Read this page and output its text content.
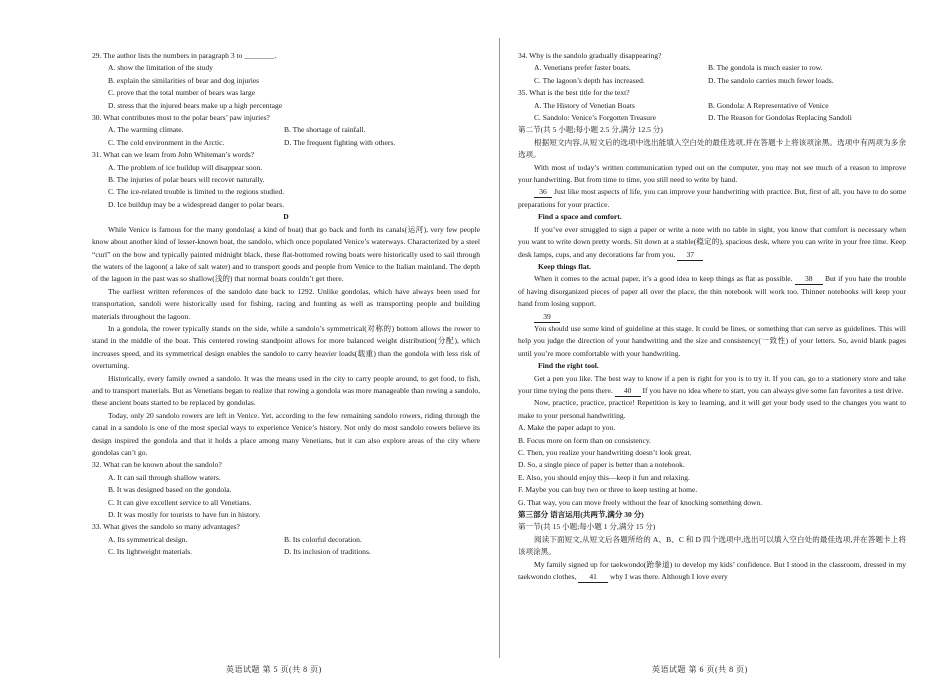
29. The author lists the numbers in paragraph 3 to ________.

A. show the limitation of the study

B. explain the similarities of bear and dog injuries

C. prove that the total number of bears was large

D. stress that the injured bears make up a high percentage

30. What contributes most to the polar bears’ paw injuries?

A. The warming climate.	B. The shortage of rainfall.
C. The cold environment in the Arctic.	D. The frequent fighting with others.

31. What can we learn from John Whiteman’s words?

A. The problem of ice buildup will disappear soon.

B. The injuries of polar bears will recover naturally.

C. The ice-related trouble is limited to the regions studied.

D. Ice buildup may be a widespread danger to polar bears.

D

While Venice is famous for the many gondolas( a kind of boat) that go back and forth its canals(运河), very few people know about another kind of lesser-known boat, the sandolo, which once populated Venice’s waterways. Characterized by a steel “curl” on the bow and typically painted midnight black, these flat-bottomed rowing boats were historically used to sail through the waters of the lagoon( a lake of salt water) and to transport goods and people from Venice to the Italian mainland. The depth of the lagoon in the past was so shallow(浅的) that normal boats couldn’t get there.

The earliest written references of the sandolo date back to 1292. Unlike gondolas, which have always been used for transportation, sandoli were historically used for fishing, racing and hunting as well as transporting people and building materials throughout the lagoon.

In a gondola, the rower typically stands on the side, while a sandolo’s symmetrical(对称的) bottom allows the rower to stand in the middle of the boat. This centered rowing standpoint allows for more balanced weight distribution(分配), which increases speed, and its symmetrical design enables the sandolo to carry heavier loads(载重) than the gondola with less risk of overturning.

Historically, every family owned a sandolo. It was the means used in the city to carry people around, to get food, to fish, and to transport materials. But as Venetians began to realize that rowing a gondola was more manageable than rowing a sandolo, these ancient boats started to be replaced by gondolas.

Today, only 20 sandolo rowers are left in Venice. Yet, according to the few remaining sandolo rowers, riding through the canal in a sandolo is one of the most special ways to experience Venice’s history. Not only do most sandolo rowers believe its design inspired the gondola and that it holds a place among many Venetians, but it can also explore areas of the city where gondolas can’t go.

32. What can be known about the sandolo?

A. It can sail through shallow waters.

B. It was designed based on the gondola.

C. It can give excellent service to all Venetians.

D. It was mostly for tourists to have fun in history.

33. What gives the sandolo so many advantages?

A. Its symmetrical design.	B. Its colorful decoration.
C. Its lightweight materials.	D. Its inclusion of traditions.

34. Why is the sandolo gradually disappearing?

A. Venetians prefer faster boats.	B. The gondola is much easier to row.
C. The lagoon’s depth has increased.	D. The sandolo carries much fewer loads.

35. What is the best title for the text?

A. The History of Venetian Boats	B. Gondola: A Representative of Venice
C. Sandolo: Venice’s Forgotten Treasure	D. The Reason for Gondolas Replacing Sandoli

第二节(共 5 小题;每小题 2.5 分,满分 12.5 分)

根据短文内容,从短文后的选项中选出能填入空白处的最佳选项,并在答题卡上将该项涂黑。选项中有两项为多余选项。

With most of today’s written communication typed out on the computer, you may not see much of a reason to improve your handwriting. But from time to time, you still need to write by hand.

36 Just like most aspects of life, you can improve your handwriting with practice. But, first of all, you have to do some preparations for your practice.

Find a space and comfort.

If you’ve ever struggled to sign a paper or write a note with no table in sight, you know that comfort is necessary when you want to write down pretty words. Sit down at a stable(稳定的), spacious desk, where you can write in your free time. Keep desk lamps, cups, and any decorations far from you. 37

Keep things flat.

When it comes to the actual paper, it’s a good idea to keep things as flat as possible. 38 But if you hate the trouble of having disorganized pieces of paper all over the place, the thin notebook will work too. Thinner notebooks will keep your hand from losing support.

39

You should use some kind of guideline at this stage. It could be lines, or something that can serve as guidelines. This will help you judge the direction of your handwriting and the size and consistency(一致性) of your letters. So, avoid blank pages until you’re more comfortable with your handwriting.

Find the right tool.

Get a pen you like. The best way to know if a pen is right for you is to try it. If you can, go to a stationery store and take your time trying the pens there. 40 If you have no idea where to start, you can always give some fan favorites a test drive.

Now, practice, practice, practice! Repetition is key to learning, and it will get your body used to the changes you want to make to your personal handwriting.

A. Make the paper adapt to you.

B. Focus more on form than on consistency.

C. Then, you realize your handwriting doesn’t look great.

D. So, a single piece of paper is better than a notebook.

E. Also, you should enjoy this—keep it fun and relaxing.

F. Maybe you can buy two or three to keep testing at home.

G. That way, you can move freely without the fear of knocking something down.

第三部分 语言运用(共两节,满分 30 分)

第一节(共 15 小题;每小题 1 分,满分 15 分)

阅读下面短文,从短文后各题所给的 A、B、C 和 D 四个选项中,选出可以填入空白处的最佳选项,并在答题卡上将该项涂黑。

My family signed up for taekwondo(跆拳道) to develop my kids’ confidence. But I stood in the classroom, dressed in my taekwondo clothes, 41 why I was there. Although I love every

英语试题 第 5 页(共 8 页)	英语试题 第 6 页(共 8 页)
